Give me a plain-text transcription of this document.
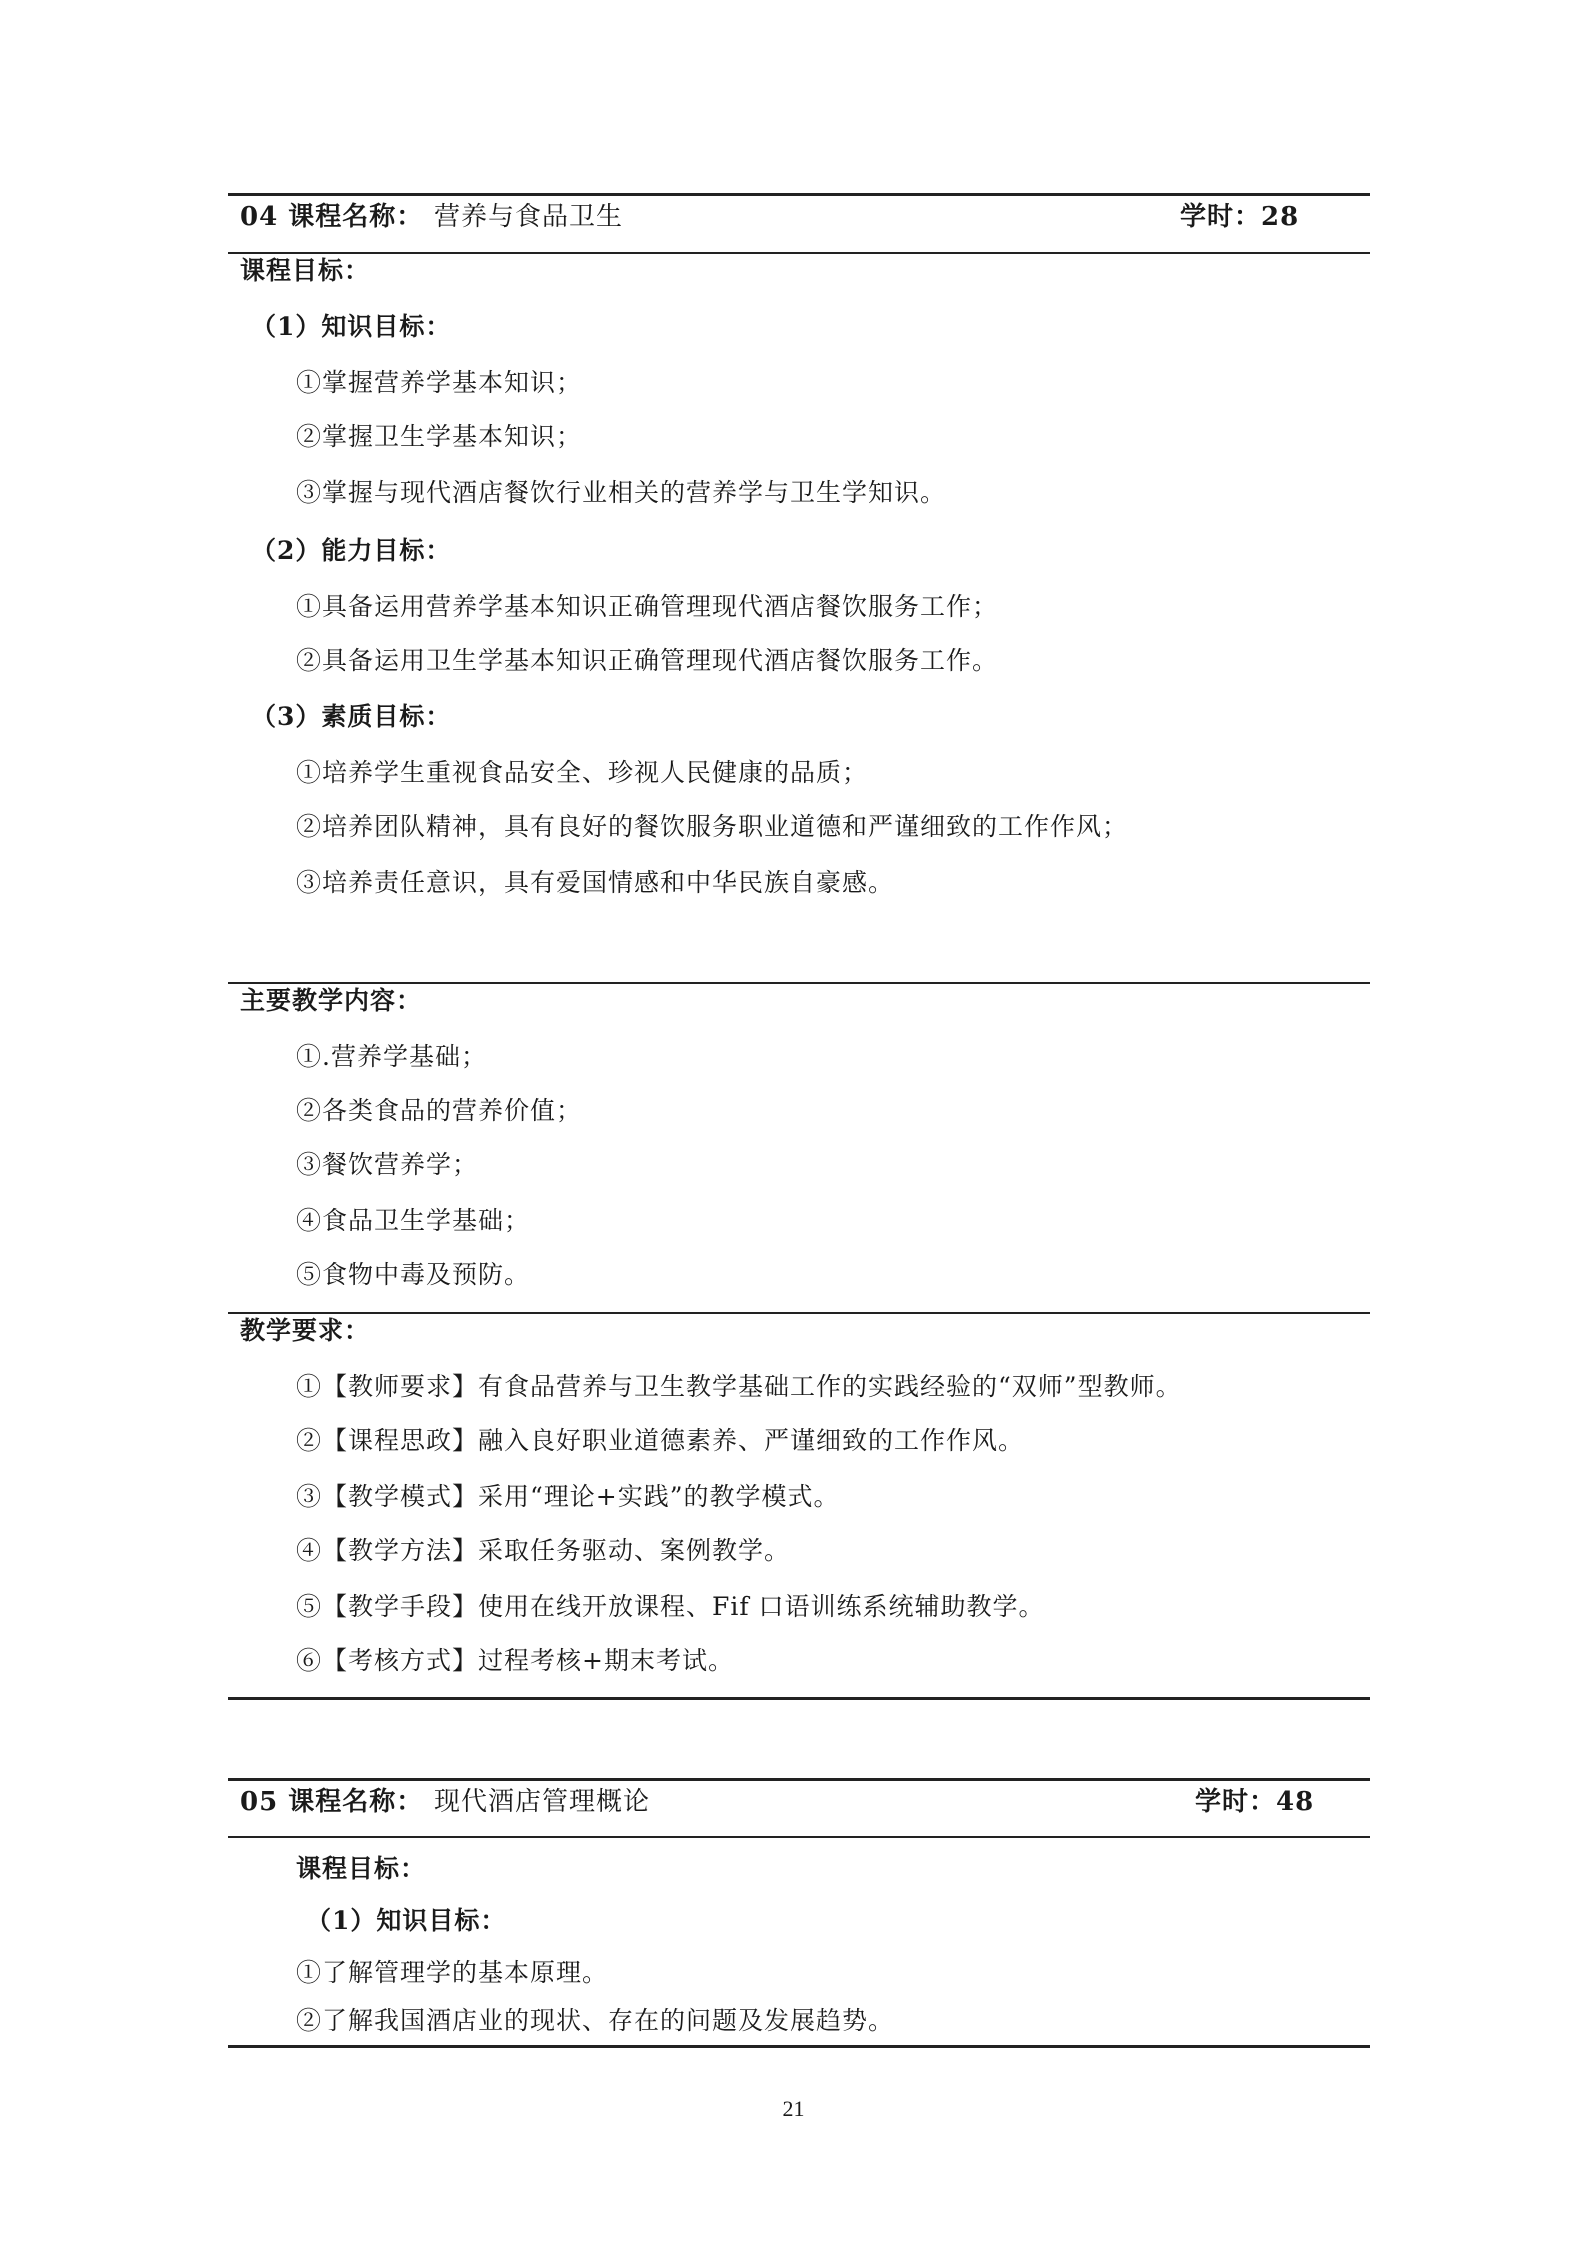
04 课程名称： 营养与食品卫生	学时：28
课程目标：
（1）知识目标：
①掌握营养学基本知识；
②掌握卫生学基本知识；
③掌握与现代酒店餐饮行业相关的营养学与卫生学知识。
（2）能力目标：
①具备运用营养学基本知识正确管理现代酒店餐饮服务工作；
②具备运用卫生学基本知识正确管理现代酒店餐饮服务工作。
（3）素质目标：
①培养学生重视食品安全、珍视人民健康的品质；
②培养团队精神，具有良好的餐饮服务职业道德和严谨细致的工作作风；
③培养责任意识，具有爱国情感和中华民族自豪感。
主要教学内容：
①.营养学基础；
②各类食品的营养价值；
③餐饮营养学；
④食品卫生学基础；
⑤食物中毒及预防。
教学要求：
①【教师要求】有食品营养与卫生教学基础工作的实践经验的“双师”型教师。
②【课程思政】融入良好职业道德素养、严谨细致的工作作风。
③【教学模式】采用“理论+实践”的教学模式。
④【教学方法】采取任务驱动、案例教学。
⑤【教学手段】使用在线开放课程、Fif 口语训练系统辅助教学。
⑥【考核方式】过程考核+期末考试。
05 课程名称： 现代酒店管理概论	学时：48
课程目标：
（1）知识目标：
①了解管理学的基本原理。
②了解我国酒店业的现状、存在的问题及发展趋势。
21
